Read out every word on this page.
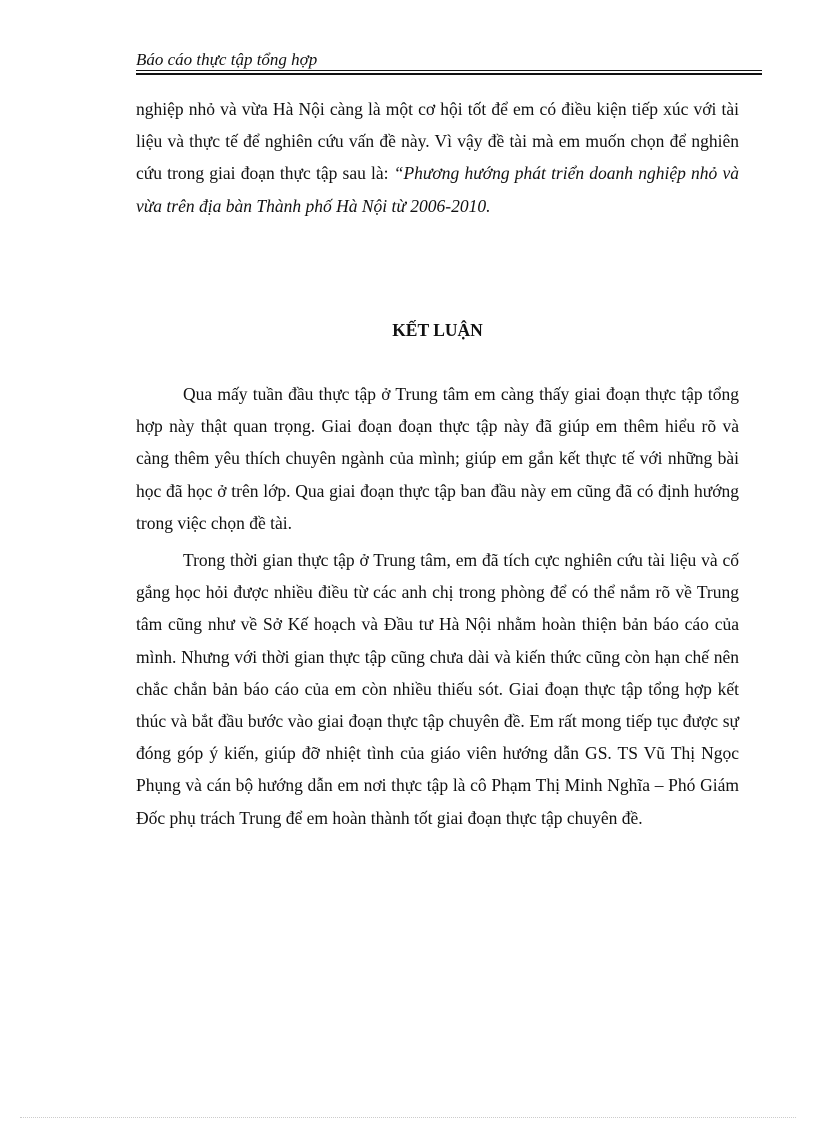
Báo cáo thực tập tổng hợp

nghiệp nhỏ và vừa Hà Nội càng là một cơ hội tốt để em có điều kiện tiếp xúc với tài liệu và thực tế để nghiên cứu vấn đề này. Vì vậy đề tài mà em muốn chọn để nghiên cứu trong giai đoạn thực tập sau là: “Phương hướng phát triển doanh nghiệp nhỏ và vừa trên địa bàn Thành phố Hà Nội từ 2006-2010.

KẾT LUẬN

Qua mấy tuần đầu thực tập ở Trung tâm em càng thấy giai đoạn thực tập tổng hợp này thật quan trọng. Giai đoạn đoạn thực tập này đã giúp em thêm hiểu rõ và càng thêm yêu thích chuyên ngành của mình; giúp em gắn kết thực tế với những bài học đã học ở trên lớp. Qua giai đoạn thực tập ban đầu này em cũng đã có định hướng trong việc chọn đề tài.

Trong thời gian thực tập ở Trung tâm, em đã tích cực nghiên cứu tài liệu và cố gắng học hỏi được nhiều điều từ các anh chị trong phòng để có thể nắm rõ về Trung tâm cũng như về Sở Kế hoạch và Đầu tư Hà Nội nhằm hoàn thiện bản báo cáo của mình. Nhưng với thời gian thực tập cũng chưa dài và kiến thức cũng còn hạn chế nên chắc chắn bản báo cáo của em còn nhiều thiếu sót. Giai đoạn thực tập tổng hợp kết thúc và bắt đầu bước vào giai đoạn thực tập chuyên đề. Em rất mong tiếp tục được sự đóng góp ý kiến, giúp đỡ nhiệt tình của giáo viên hướng dẫn GS. TS Vũ Thị Ngọc Phụng và cán bộ hướng dẫn em nơi thực tập là cô Phạm Thị Minh Nghĩa – Phó Giám Đốc phụ trách Trung để em hoàn thành tốt giai đoạn thực tập chuyên đề.
